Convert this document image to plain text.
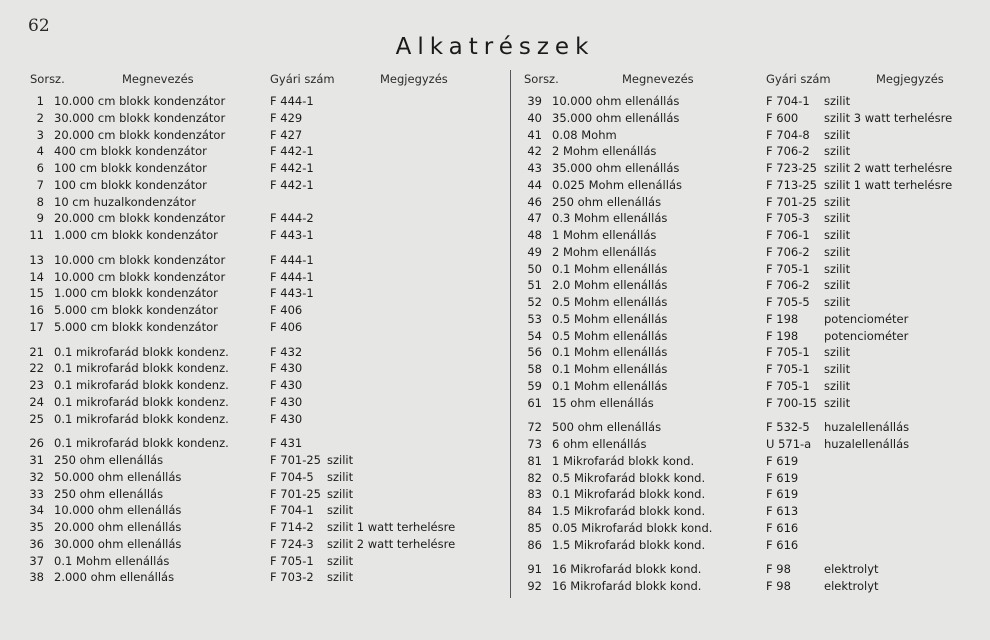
62
Alkatrészek
Sorsz.	Megnevezés	Gyári szám	Megjegyzés
1 10.000 cm blokk kondenzátor	F 444-1
2 30.000 cm blokk kondenzátor	F 429
3 20.000 cm blokk kondenzátor	F 427
4 400 cm blokk kondenzátor	F 442-1
6 100 cm blokk kondenzátor	F 442-1
7 100 cm blokk kondenzátor	F 442-1
8 10 cm huzalkondenzátor
9 20.000 cm blokk kondenzátor	F 444-2
11 1.000 cm blokk kondenzátor	F 443-1
13 10.000 cm blokk kondenzátor	F 444-1
14 10.000 cm blokk kondenzátor	F 444-1
15 1.000 cm blokk kondenzátor	F 443-1
16 5.000 cm blokk kondenzátor	F 406
17 5.000 cm blokk kondenzátor	F 406
21 0.1 mikrofarád blokk kondenz.	F 432
22 0.1 mikrofarád blokk kondenz.	F 430
23 0.1 mikrofarád blokk kondenz.	F 430
24 0.1 mikrofarád blokk kondenz.	F 430
25 0.1 mikrofarád blokk kondenz.	F 430
26 0.1 mikrofarád blokk kondenz.	F 431
31 250 ohm ellenállás	F 701-25 szilit
32 50.000 ohm ellenállás	F 704-5 szilit
33 250 ohm ellenállás	F 701-25 szilit
34 10.000 ohm ellenállás	F 704-1 szilit
35 20.000 ohm ellenállás	F 714-2 szilit 1 watt terhelésre
36 30.000 ohm ellenállás	F 724-3 szilit 2 watt terhelésre
37 0.1 Mohm ellenállás	F 705-1 szilit
38 2.000 ohm ellenállás	F 703-2 szilit
Sorsz.	Megnevezés	Gyári szám	Megjegyzés
39 10.000 ohm ellenállás	F 704-1 szilit
40 35.000 ohm ellenállás	F 600 szilit 3 watt terhelésre
41 0.08 Mohm	F 704-8 szilit
42 2 Mohm ellenállás	F 706-2 szilit
43 35.000 ohm ellenállás	F 723-25 szilit 2 watt terhelésre
44 0.025 Mohm ellenállás	F 713-25 szilit 1 watt terhelésre
46 250 ohm ellenállás	F 701-25 szilit
47 0.3 Mohm ellenállás	F 705-3 szilit
48 1 Mohm ellenállás	F 706-1 szilit
49 2 Mohm ellenállás	F 706-2 szilit
50 0.1 Mohm ellenállás	F 705-1 szilit
51 2.0 Mohm ellenállás	F 706-2 szilit
52 0.5 Mohm ellenállás	F 705-5 szilit
53 0.5 Mohm ellenállás	F 198 potenciométer
54 0.5 Mohm ellenállás	F 198 potenciométer
56 0.1 Mohm ellenállás	F 705-1 szilit
58 0.1 Mohm ellenállás	F 705-1 szilit
59 0.1 Mohm ellenállás	F 705-1 szilit
61 15 ohm ellenállás	F 700-15 szilit
72 500 ohm ellenállás	F 532-5 huzalellenállás
73 6 ohm ellenállás	U 571-a huzalellenállás
81 1 Mikrofarád blokk kond.	F 619
82 0.5 Mikrofarád blokk kond.	F 619
83 0.1 Mikrofarád blokk kond.	F 619
84 1.5 Mikrofarád blokk kond.	F 613
85 0.05 Mikrofarád blokk kond.	F 616
86 1.5 Mikrofarád blokk kond.	F 616
91 16 Mikrofarád blokk kond.	F 98	elektrolyt
92 16 Mikrofarád blokk kond.	F 98	elektrolyt
